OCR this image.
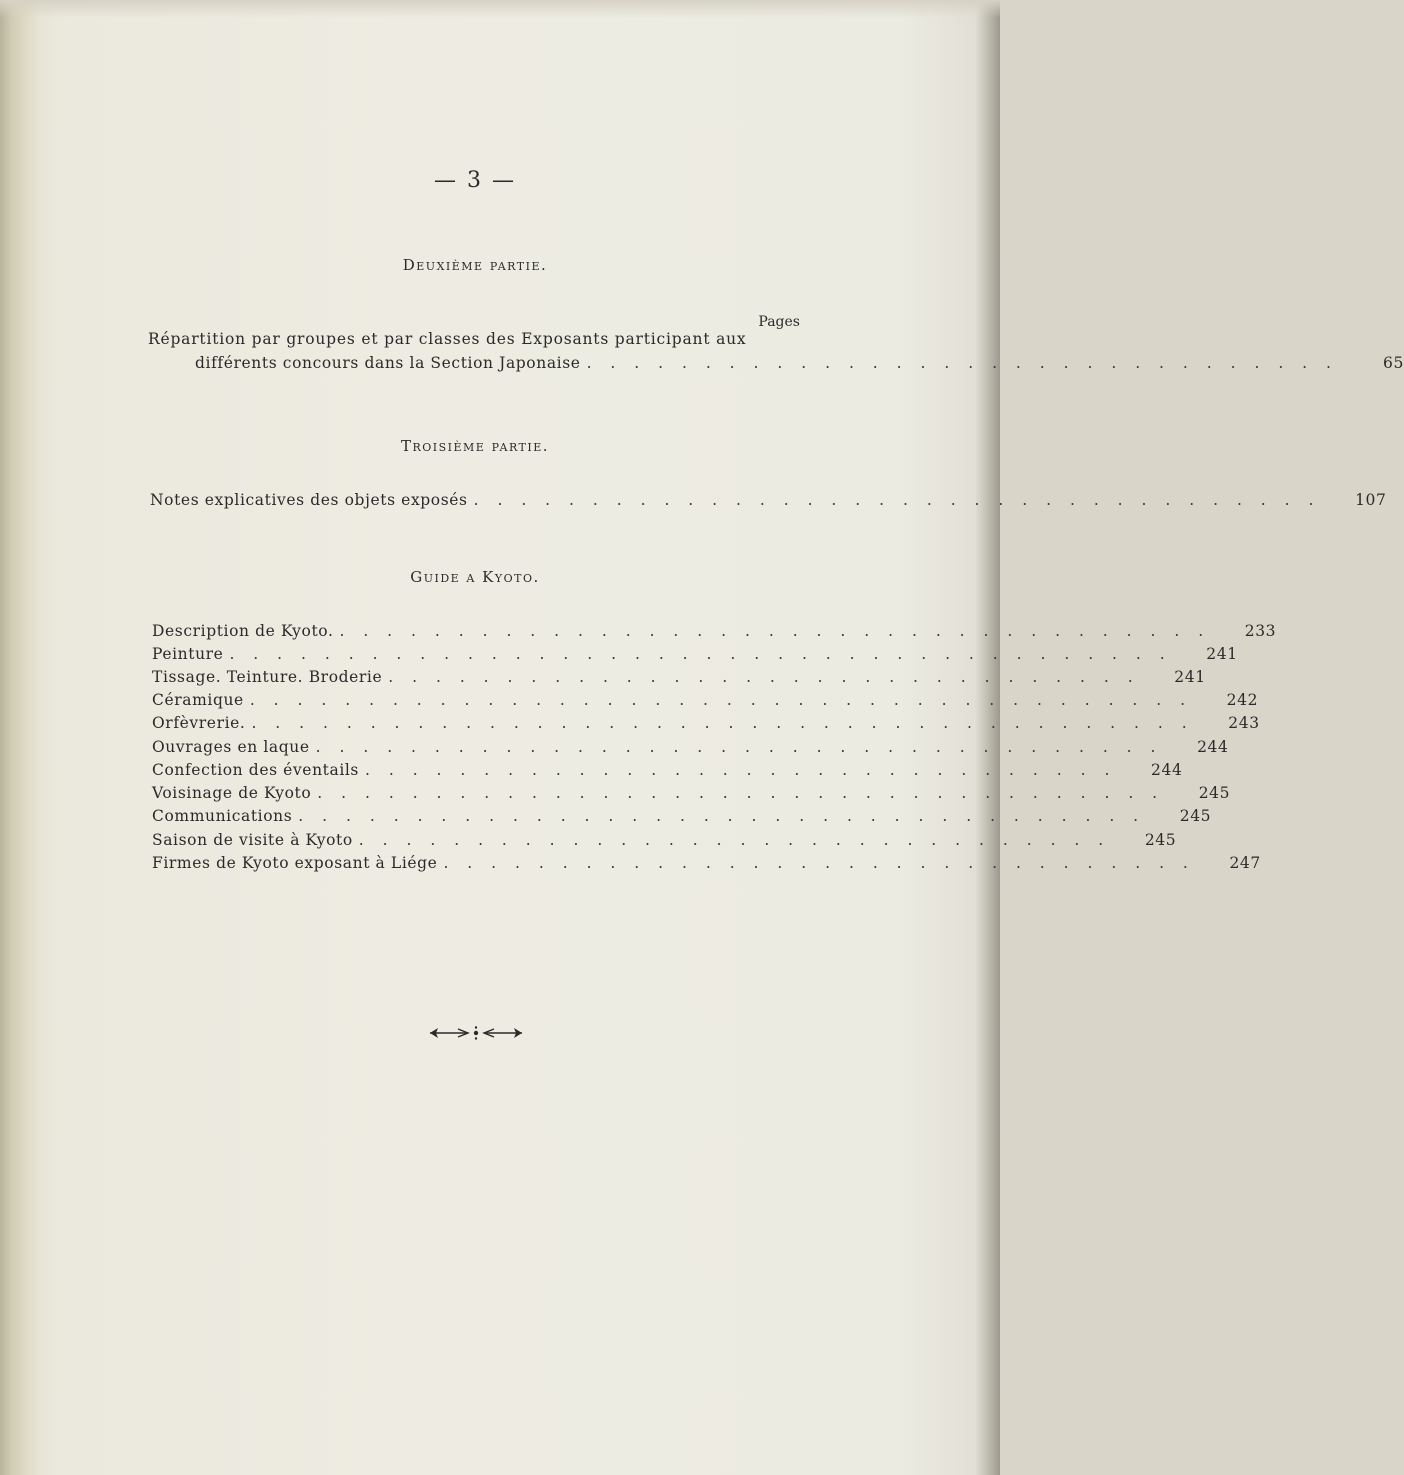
— 3 —
Deuxième partie.
Pages
Répartition par groupes et par classes des Exposants participant aux
différents concours dans la Section Japonaise . . . . . . . . . . . . . . . . . . . . . . . . . . . . . . . .	65
Troisième partie.
Notes explicatives des objets exposés . . . . . . . . . . . . . . . . . . . . . . . . . . . . . . . . . . . .	107
Guide a Kyoto.
Description de Kyoto. . . . . . . . . . . . . . . . . . . . . . . . . . . . . . . . . . . . . .	233
Peinture . . . . . . . . . . . . . . . . . . . . . . . . . . . . . . . . . . . . . . . .	241
Tissage. Teinture. Broderie . . . . . . . . . . . . . . . . . . . . . . . . . . . . . . . .	241
Céramique . . . . . . . . . . . . . . . . . . . . . . . . . . . . . . . . . . . . . . . .	242
Orfèvrerie. . . . . . . . . . . . . . . . . . . . . . . . . . . . . . . . . . . . . . . . .	243
Ouvrages en laque . . . . . . . . . . . . . . . . . . . . . . . . . . . . . . . . . . . .	244
Confection des éventails . . . . . . . . . . . . . . . . . . . . . . . . . . . . . . . .	244
Voisinage de Kyoto . . . . . . . . . . . . . . . . . . . . . . . . . . . . . . . . . . . .	245
Communications . . . . . . . . . . . . . . . . . . . . . . . . . . . . . . . . . . . .	245
Saison de visite à Kyoto . . . . . . . . . . . . . . . . . . . . . . . . . . . . . . . .	245
Firmes de Kyoto exposant à Liége . . . . . . . . . . . . . . . . . . . . . . . . . . . . . . . .	247
